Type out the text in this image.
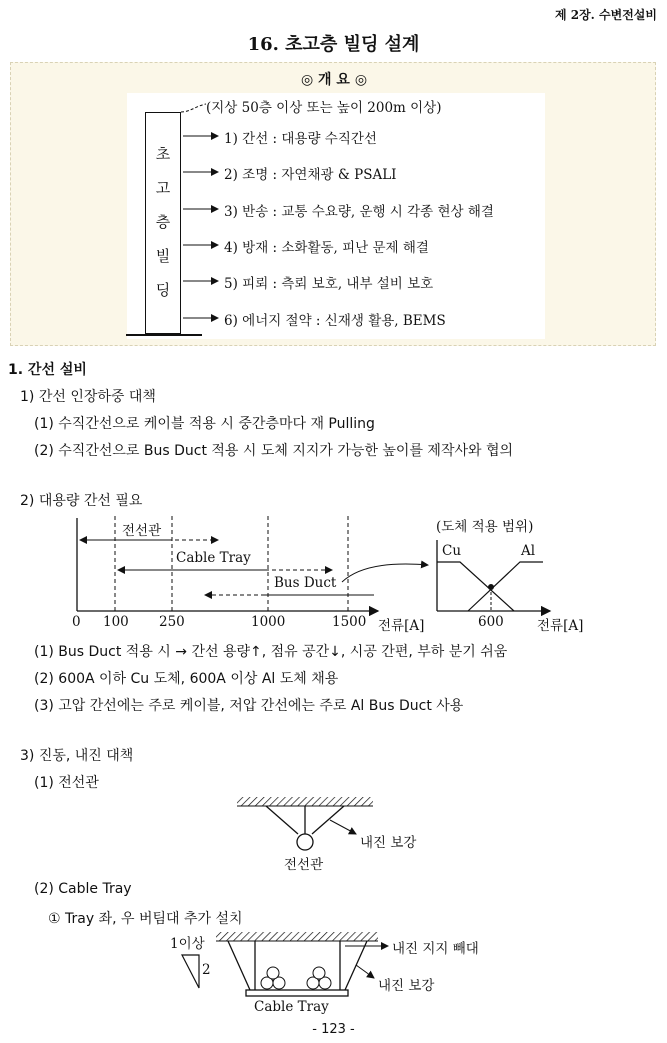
제 2장. 수변전설비
16. 초고층 빌딩 설계
◎ 개 요 ◎
(지상 50층 이상 또는 높이 200m 이상)
초
고
층
빌
딩
1) 간선 : 대용량 수직간선
2) 조명 : 자연채광 & PSALI
3) 반송 : 교통 수요량, 운행 시 각종 현상 해결
4) 방재 : 소화활동, 피난 문제 해결
5) 피뢰 : 측뢰 보호, 내부 설비 보호
6) 에너지 절약 : 신재생 활용, BEMS
1. 간선 설비
1) 간선 인장하중 대책
(1) 수직간선으로 케이블 적용 시 중간층마다 재 Pulling
(2) 수직간선으로 Bus Duct 적용 시 도체 지지가 가능한 높이를 제작사와 협의
2) 대용량 간선 필요
전선관
Cable Tray
Bus Duct
0 100 250	1000	1500 전류[A]
(도체 적용 범위)
Cu	Al
600 전류[A]
(1) Bus Duct 적용 시 → 간선 용량↑, 점유 공간↓, 시공 간편, 부하 분기 쉬움
(2) 600A 이하 Cu 도체, 600A 이상 Al 도체 채용
(3) 고압 간선에는 주로 케이블, 저압 간선에는 주로 Al Bus Duct 사용
3) 진동, 내진 대책
(1) 전선관
내진 보강
전선관
(2) Cable Tray
① Tray 좌, 우 버팀대 추가 설치
1이상
2
내진 지지 빼대
내진 보강
Cable Tray
- 123 -
